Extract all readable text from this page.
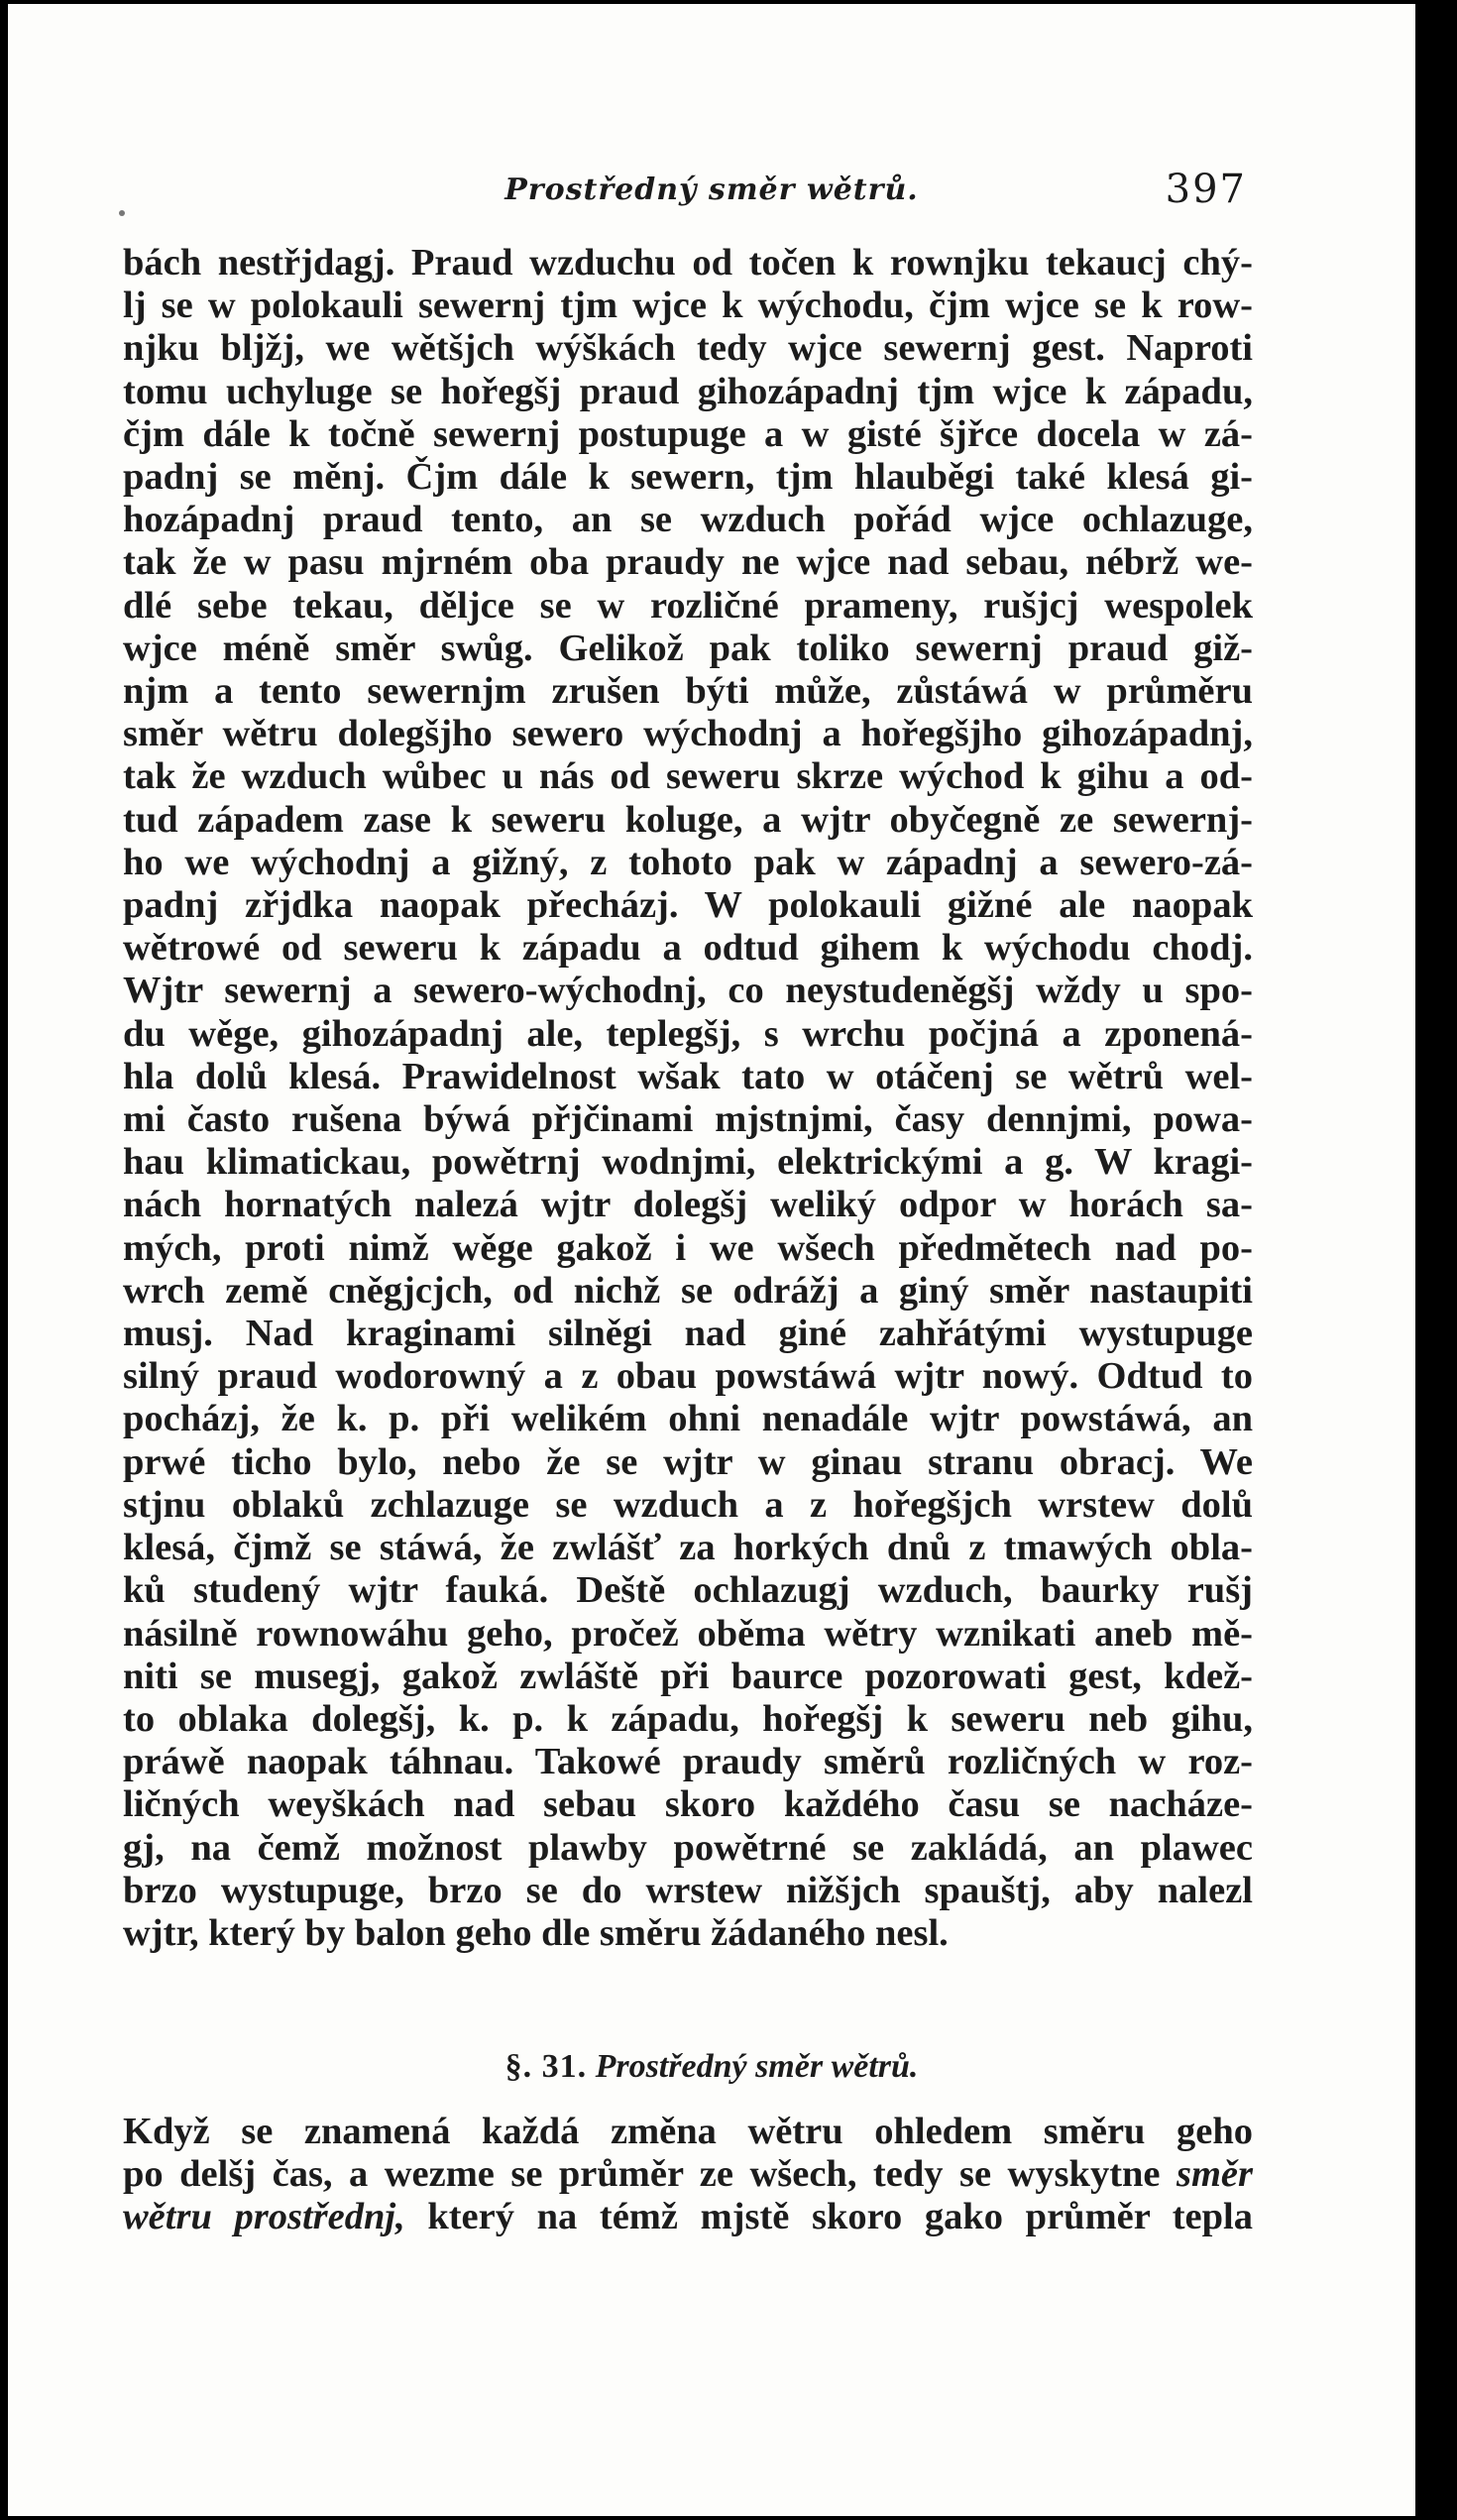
Prostředný směr wětrů.	397
bách nestřjdagj. Praud wzduchu od točen k rownjku tekaucj chý-
lj se w polokauli sewernj tjm wjce k wýchodu, čjm wjce se k row-
njku blјžj, we wětšjch wýškách tedy wjce sewernj gest. Naproti
tomu uchyluge se hořegšj praud gihozápadnj tjm wjce k západu,
čjm dále k točně sewernj postupuge a w gisté šjřce docela w zá-
padnj se měnj. Čjm dále k sewern, tjm hlauběgi také klesá gi-
hozápadnj praud tento, an se wzduch pořád wjce ochlazuge,
tak že w pasu mjrném oba praudy ne wjce nad sebau, nébrž we-
dlé sebe tekau, dělјce se w rozličné prameny, rušјcј wespolek
wjce méně směr swůg. Gelikož pak toliko sewernj praud giž-
njm a tento sewernjm zrušen býti může, zůstáwá w průměru
směr wětru dolegšjho sewero wýchodnj a hořegšjho gihozápadnj,
tak že wzduch wůbec u nás od seweru skrze wýchod k gihu a od-
tud západem zase k seweru koluge, a wjtr obyčegně ze sewernj-
ho we wýchodnj a gižný, z tohoto pak w západnj a sewero-zá-
padnj zřјdka naopak přecházj. W polokauli gižné ale naopak
wětrowé od seweru k západu a odtud gihem k wýchodu chodj.
Wjtr sewernj a sewero-wýchodnj, co neystudeněgšj wždy u spo-
du wěge, gihozápadnj ale, teplegšj, s wrchu počjná a zponená-
hla dolů klesá. Prawidelnost wšak tato w otáčenj se wětrů wel-
mi často rušena býwá přjčinami mjstnjmi, časy dennjmi, powa-
hau klimatickau, powětrnj wodnjmi, elektrickými a g. W kragi-
nách hornatých nalezá wjtr dolegšj weliký odpor w horách sa-
mých, proti nimž wěge gakož i we wšech předmětech nad po-
wrch země cněgјcјch, od nichž se odrážј a giný směr nastaupiti
musj. Nad kraginami silněgi nad giné zahřátými wystupuge
silný praud wodorowný a z obau powstáwá wjtr nowý. Odtud to
pocházj, že k. p. při welikém ohni nenadále wjtr powstáwá, an
prwé ticho bylo, nebo že se wjtr w ginau stranu obracj. We
stjnu oblaků zchlazuge se wzduch a z hořegšjch wrstew dolů
klesá, čjmž se stáwá, že zwlášť za horkých dnů z tmawých obla-
ků studený wjtr fauká. Deště ochlazugj wzduch, baurky rušj
násilně rownowáhu geho, pročež oběma wětry wznikati aneb mě-
niti se musegj, gakož zwláště při baurce pozorowati gest, kdež-
to oblaka dolegšj, k. p. k západu, hořegšj k seweru neb gihu,
práwě naopak táhnau. Takowé praudy směrů rozličných w roz-
ličných weyškách nad sebau skoro každého času se nacháze-
gj, na čemž možnost plawby powětrné se zakládá, an plawec
brzo wystupuge, brzo se do wrstew nižšjch spauštj, aby nalezl
wjtr, který by balon geho dle směru žádaného nesl.
§. 31. Prostředný směr wětrů.
Když se znamená každá změna wětru ohledem směru geho
po delšj čas, a wezme se průměr ze wšech, tedy se wyskytne směr
wětru prostřednj, který na témž mjstě skoro gako průměr tepla
